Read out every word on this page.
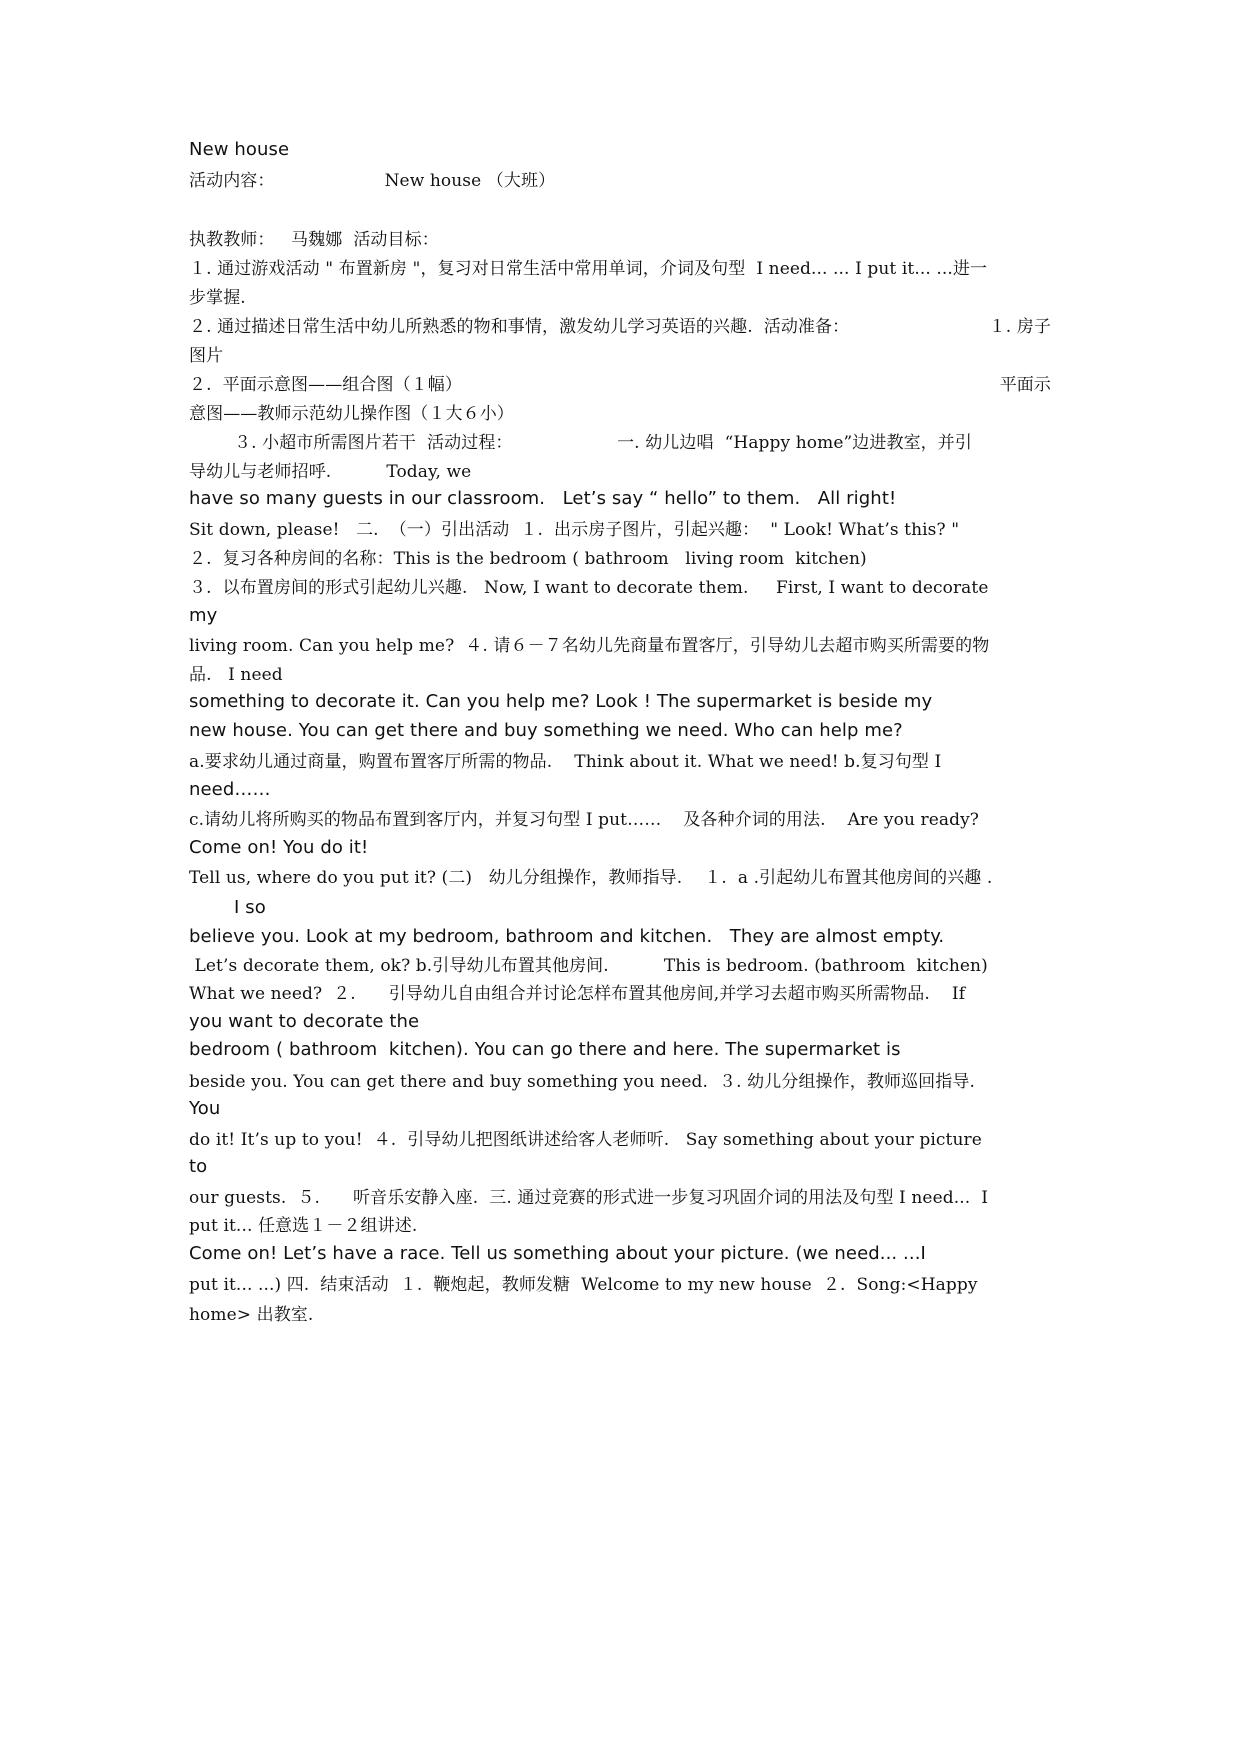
New house
活动内容：                    New house （大班）
执教教师：   马魏娜  活动目标：
１. 通过游戏活动 " 布置新房 "，复习对日常生活中常用单词，介词及句型  I need... ... I put it... ...进一
步掌握.
２. 通过描述日常生活中幼儿所熟悉的物和事情，激发幼儿学习英语的兴趣.  活动准备：	１. 房子
图片
２.  平面示意图——组合图（１幅）	平面示
意图——教师示范幼儿操作图（１大６小）
３. 小超市所需图片若干  活动过程：                   一. 幼儿边唱  “Happy home”边进教室，并引
导幼儿与老师招呼.          Today, we
have so many guests in our classroom.   Let’s say “ hello” to them.   All right!
Sit down, please!   二.  （一）引出活动  １.  出示房子图片，引起兴趣：  " Look! What’s this? "
２.  复习各种房间的名称：This is the bedroom ( bathroom   living room  kitchen)
３.  以布置房间的形式引起幼儿兴趣.   Now, I want to decorate them.     First, I want to decorate
my
living room. Can you help me?  ４. 请６－７名幼儿先商量布置客厅，引导幼儿去超市购买所需要的物
品.   I need
something to decorate it. Can you help me? Look ! The supermarket is beside my
new house. You can get there and buy something we need. Who can help me?
a.要求幼儿通过商量，购置布置客厅所需的物品.    Think about it. What we need! b.复习句型 I
need……
c.请幼儿将所购买的物品布置到客厅内，并复习句型 I put……    及各种介词的用法.    Are you ready?
Come on! You do it!
Tell us, where do you put it? (二)   幼儿分组操作，教师指导.    １.  a .引起幼儿布置其他房间的兴趣 .
I so
believe you. Look at my bedroom, bathroom and kitchen.   They are almost empty.
Let’s decorate them, ok? b.引导幼儿布置其他房间.          This is bedroom. (bathroom  kitchen)
What we need?  ２.      引导幼儿自由组合并讨论怎样布置其他房间,并学习去超市购买所需物品.    If
you want to decorate the
bedroom ( bathroom  kitchen). You can go there and here. The supermarket is
beside you. You can get there and buy something you need.  ３. 幼儿分组操作，教师巡回指导.
You
do it! It’s up to you!  ４.  引导幼儿把图纸讲述给客人老师听.   Say something about your picture
to
our guests.  ５.      听音乐安静入座.  三. 通过竞赛的形式进一步复习巩固介词的用法及句型 I need...  I
put it... 任意选１－２组讲述.
Come on! Let’s have a race. Tell us something about your picture. (we need... ...I
put it... ...) 四.  结束活动  １.  鞭炮起，教师发糖  Welcome to my new house  ２.  Song:<Happy
home> 出教室.
